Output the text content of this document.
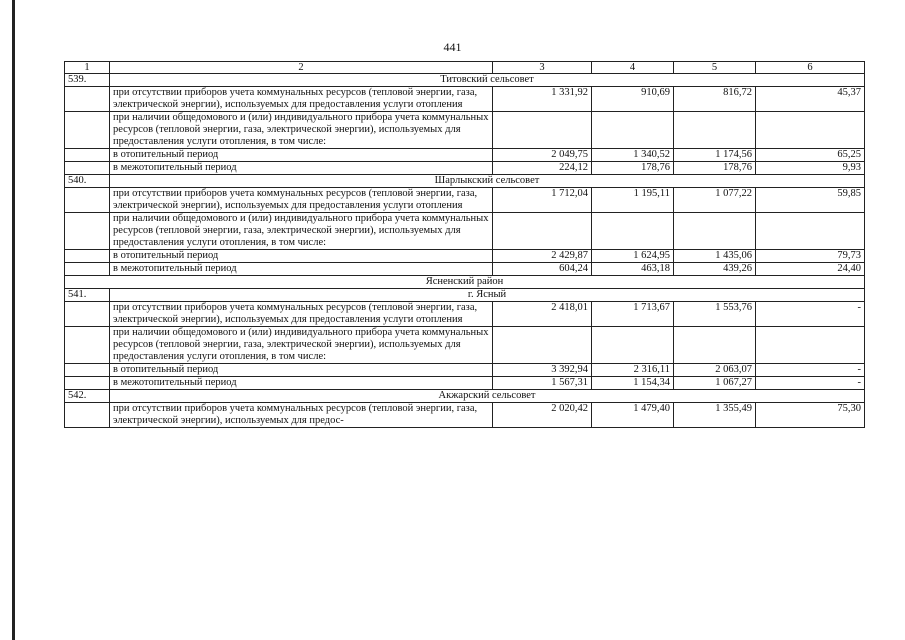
441
1	2	3	4	5	6
539.	Титовский сельсовет				
	при отсутствии приборов учета коммунальных ресурсов (тепловой энергии, газа, электрической энергии), используемых для предоставления услуги отопления	1 331,92	910,69	816,72	45,37
	при наличии общедомового и (или) индивидуального прибора учета коммунальных ресурсов (тепловой энергии, газа, электрической энергии), используемых для предоставления услуги отопления, в том числе:				
	в отопительный период	2 049,75	1 340,52	1 174,56	65,25
	в межотопительный период	224,12	178,76	178,76	9,93
540.	Шарлыкский сельсовет				
	при отсутствии приборов учета коммунальных ресурсов (тепловой энергии, газа, электрической энергии), используемых для предоставления услуги отопления	1 712,04	1 195,11	1 077,22	59,85
	при наличии общедомового и (или) индивидуального прибора учета коммунальных ресурсов (тепловой энергии, газа, электрической энергии), используемых для предоставления услуги отопления, в том числе:				
	в отопительный период	2 429,87	1 624,95	1 435,06	79,73
	в межотопительный период	604,24	463,18	439,26	24,40
Ясненский район					
541.	г. Ясный				
	при отсутствии приборов учета коммунальных ресурсов (тепловой энергии, газа, электрической энергии), используемых для предоставления услуги отопления	2 418,01	1 713,67	1 553,76	-
	при наличии общедомового и (или) индивидуального прибора учета коммунальных ресурсов (тепловой энергии, газа, электрической энергии), используемых для предоставления услуги отопления, в том числе:				
	в отопительный период	3 392,94	2 316,11	2 063,07	-
	в межотопительный период	1 567,31	1 154,34	1 067,27	-
542.	Акжарский сельсовет				
	при отсутствии приборов учета коммунальных ресурсов (тепловой энергии, газа, электрической энергии), используемых для предос-	2 020,42	1 479,40	1 355,49	75,30
